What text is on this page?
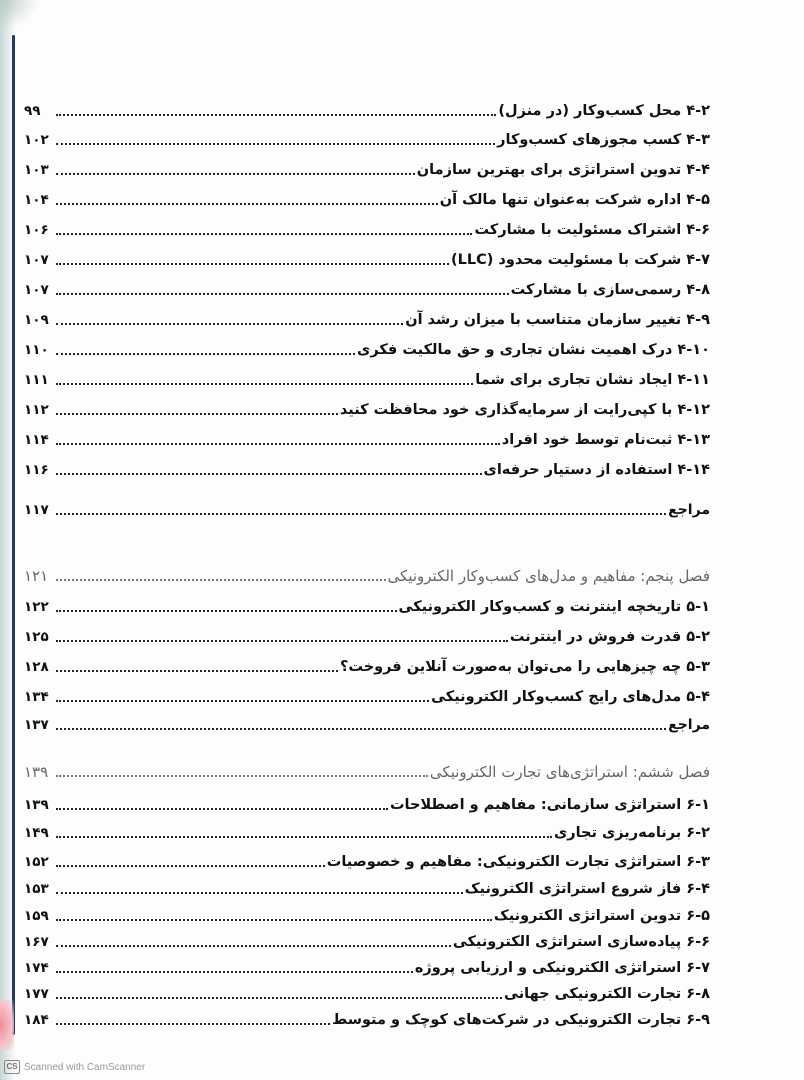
۴-۲ محل کسب‌وکار (در منزل)
۹۹
۴-۳ کسب مجوزهای کسب‌وکار
۱۰۲
۴-۴ تدوین استراتژی برای بهترین سازمان
۱۰۳
۴-۵ اداره شرکت به‌عنوان تنها مالک آن
۱۰۴
۴-۶ اشتراک مسئولیت با مشارکت
۱۰۶
۴-۷ شرکت با مسئولیت محدود (LLC)
۱۰۷
۴-۸ رسمی‌سازی با مشارکت
۱۰۷
۴-۹ تغییر سازمان متناسب با میزان رشد آن
۱۰۹
۴-۱۰ درک اهمیت نشان تجاری و حق مالکیت فکری
۱۱۰
۴-۱۱ ایجاد نشان تجاری برای شما
۱۱۱
۴-۱۲ با کپی‌رایت از سرمایه‌گذاری خود محافظت کنید
۱۱۲
۴-۱۳ ثبت‌نام توسط خود افراد
۱۱۴
۴-۱۴ استفاده از دستیار حرفه‌ای
۱۱۶
مراجع
۱۱۷
فصل پنجم: مفاهیم و مدل‌های کسب‌وکار الکترونیکی
۱۲۱
۵-۱ تاریخچه اینترنت و کسب‌وکار الکترونیکی
۱۲۲
۵-۲ قدرت فروش در اینترنت
۱۲۵
۵-۳ چه چیزهایی را می‌توان به‌صورت آنلاین فروخت؟
۱۲۸
۵-۴ مدل‌های رایج کسب‌وکار الکترونیکی
۱۳۴
مراجع
۱۳۷
فصل ششم: استراتژی‌های تجارت الکترونیکی
۱۳۹
۶-۱ استراتژی سازمانی: مفاهیم و اصطلاحات
۱۳۹
۶-۲ برنامه‌ریزی تجاری
۱۴۹
۶-۳ استراتژی تجارت الکترونیکی: مفاهیم و خصوصیات
۱۵۲
۶-۴ فاز شروع استراتژی الکترونیک
۱۵۳
۶-۵ تدوین استراتژی الکترونیک
۱۵۹
۶-۶ پیاده‌سازی استراتژی الکترونیکی
۱۶۷
۶-۷ استراتژی الکترونیکی و ارزیابی پروژه
۱۷۴
۶-۸ تجارت الکترونیکی جهانی
۱۷۷
۶-۹ تجارت الکترونیکی در شرکت‌های کوچک و متوسط
۱۸۴
CS Scanned with CamScanner
